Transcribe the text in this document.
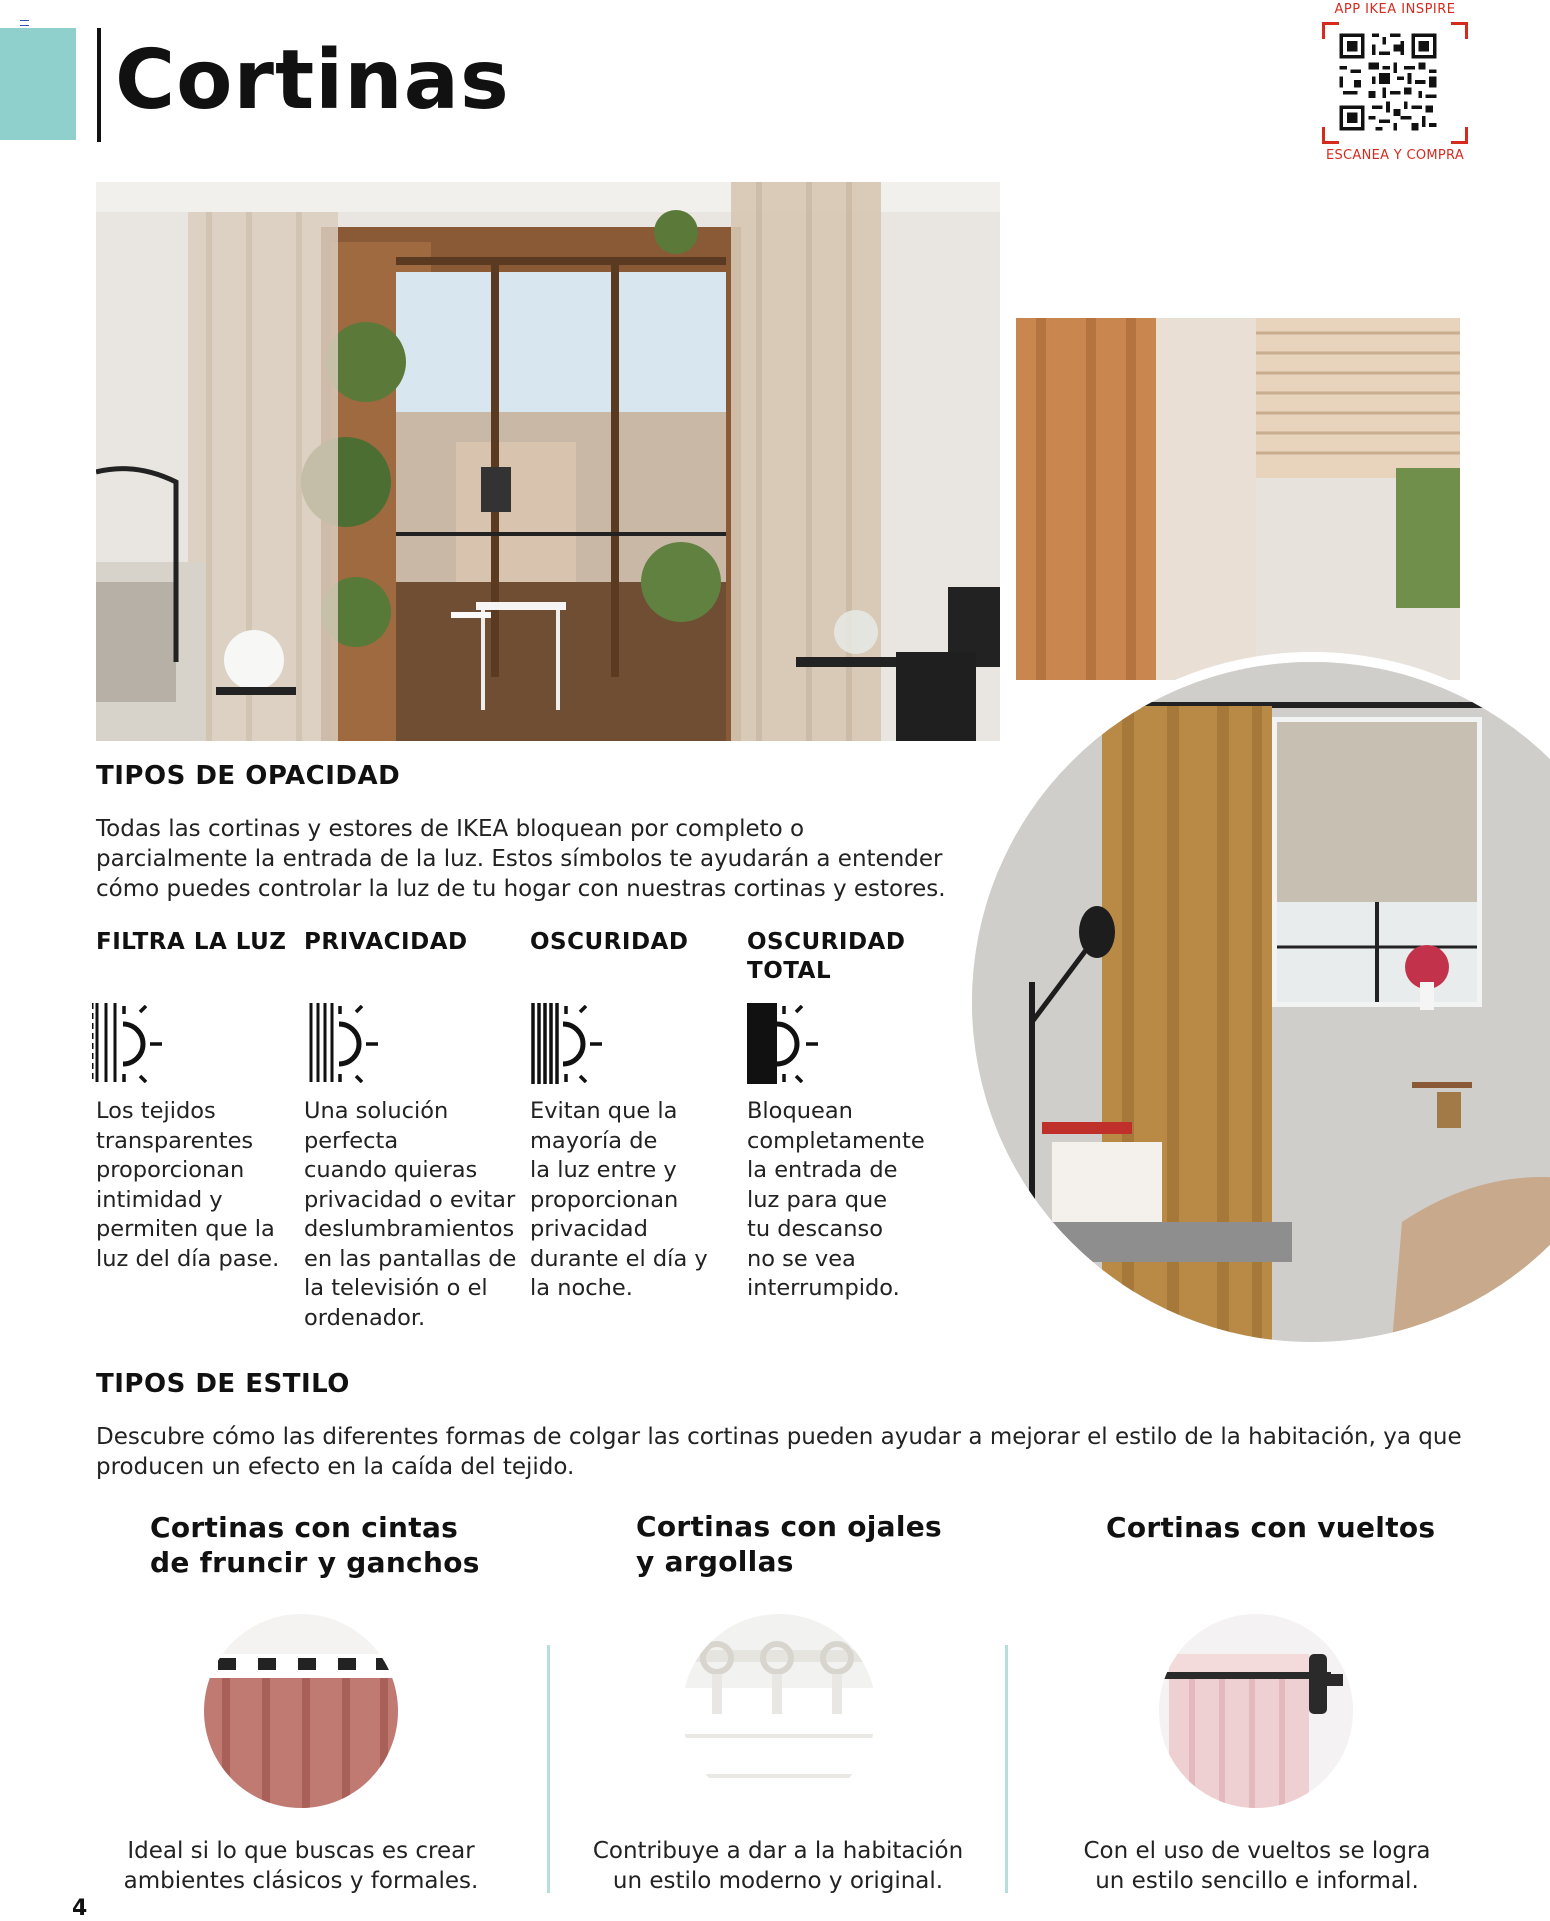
Cortinas
APP IKEA INSPIRE
ESCANEA Y COMPRA
TIPOS DE OPACIDAD
Todas las cortinas y estores de IKEA bloquean por completo o
parcialmente la entrada de la luz. Estos símbolos te ayudarán a entender
cómo puedes controlar la luz de tu hogar con nuestras cortinas y estores.
FILTRA LA LUZ
Los tejidos
transparentes
proporcionan
intimidad y
permiten que la
luz del día pase.
PRIVACIDAD
Una solución
perfecta
cuando quieras
privacidad o evitar
deslumbramientos
en las pantallas de
la televisión o el
ordenador.
OSCURIDAD
Evitan que la
mayoría de
la luz entre y
proporcionan
privacidad
durante el día y
la noche.
OSCURIDAD
TOTAL
Bloquean
completamente
la entrada de
luz para que
tu descanso
no se vea
interrumpido.
TIPOS DE ESTILO
Descubre cómo las diferentes formas de colgar las cortinas pueden ayudar a mejorar el estilo de la habitación, ya que
producen un efecto en la caída del tejido.
Cortinas con cintas
de fruncir y ganchos
Ideal si lo que buscas es crear
ambientes clásicos y formales.
Cortinas con ojales
y argollas
Contribuye a dar a la habitación
un estilo moderno y original.
Cortinas con vueltos
Con el uso de vueltos se logra
un estilo sencillo e informal.
4
